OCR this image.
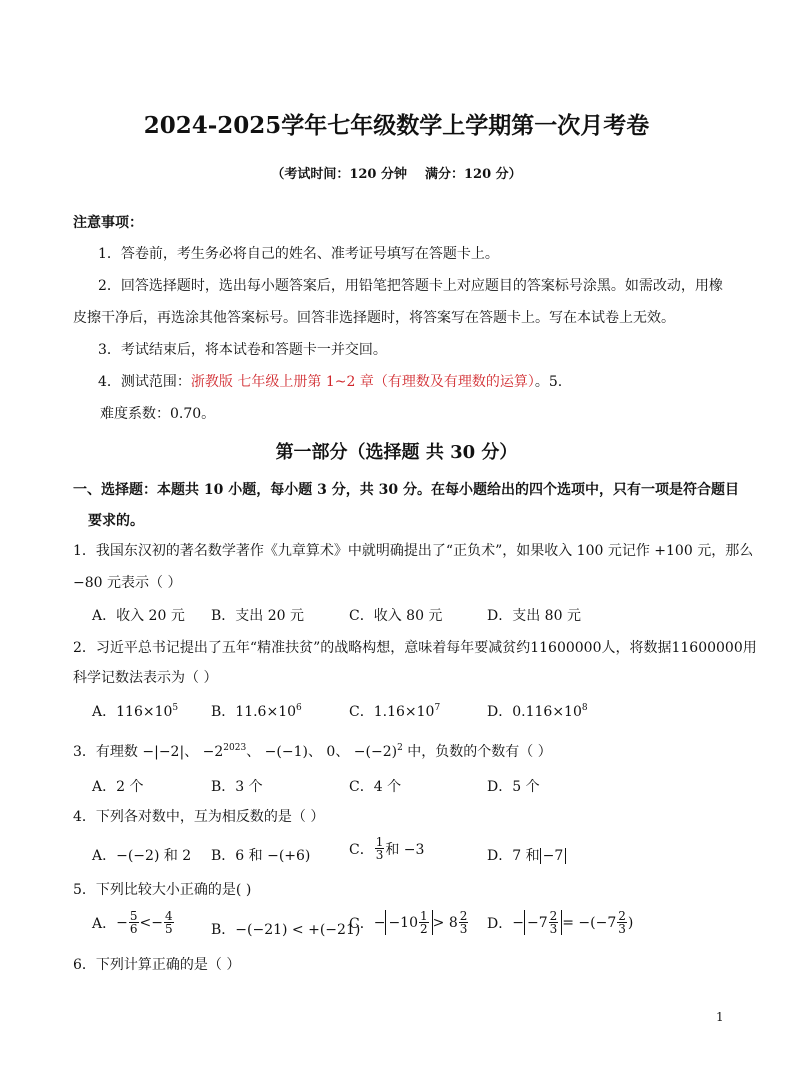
2024-2025学年七年级数学上学期第一次月考卷
（考试时间：120 分钟 满分：120 分）
注意事项：
1．答卷前，考生务必将自己的姓名、准考证号填写在答题卡上。
2．回答选择题时，选出每小题答案后，用铅笔把答题卡上对应题目的答案标号涂黑。如需改动，用橡
皮擦干净后，再选涂其他答案标号。回答非选择题时，将答案写在答题卡上。写在本试卷上无效。
3．考试结束后，将本试卷和答题卡一并交回。
4．测试范围：浙教版 七年级上册第 1~2 章（有理数及有理数的运算）。5.
难度系数：0.70。
第一部分（选择题 共 30 分）
一、选择题：本题共 10 小题，每小题 3 分，共 30 分。在每小题给出的四个选项中，只有一项是符合题目
要求的。
1．我国东汉初的著名数学著作《九章算术》中就明确提出了“正负术”，如果收入 100 元记作 +100 元，那么
−80 元表示（ ）
A．收入 20 元 B．支出 20 元	C．收入 80 元	D．支出 80 元
2．习近平总书记提出了五年“精准扶贫”的战略构想，意味着每年要减贫约11600000人，将数据11600000用
科学记数法表示为（ ）
A．$116\times 10^5$ B．$11.6\times 10^6$	C．$1.16\times 10^7$	D．$0.116\times 10^8$
3．有理数 −|−2|、 $-2^{2023}$、 −(−1)、 0、 $-(-2)^2$ 中，负数的个数有（ ）
A．2 个	B．3 个	C．4 个	D．5 个
4．下列各对数中，互为相反数的是（ ）
A．−(−2) 和 2 B．6 和 −(+6)	C． $\frac{1}{3}$ 和 −3	D．7 和 −7
5．下列比较大小正确的是( )
A． − $\frac{5}{6} <- \frac{4}{5}$	B．−(−21) < +(−21)
C． − $-10 \frac{1}{2} > 8 \frac{2}{3}$ D． − $-7 \frac{2}{3} = -(-7 \frac{2}{3}$ )
6．下列计算正确的是（ ）
1
